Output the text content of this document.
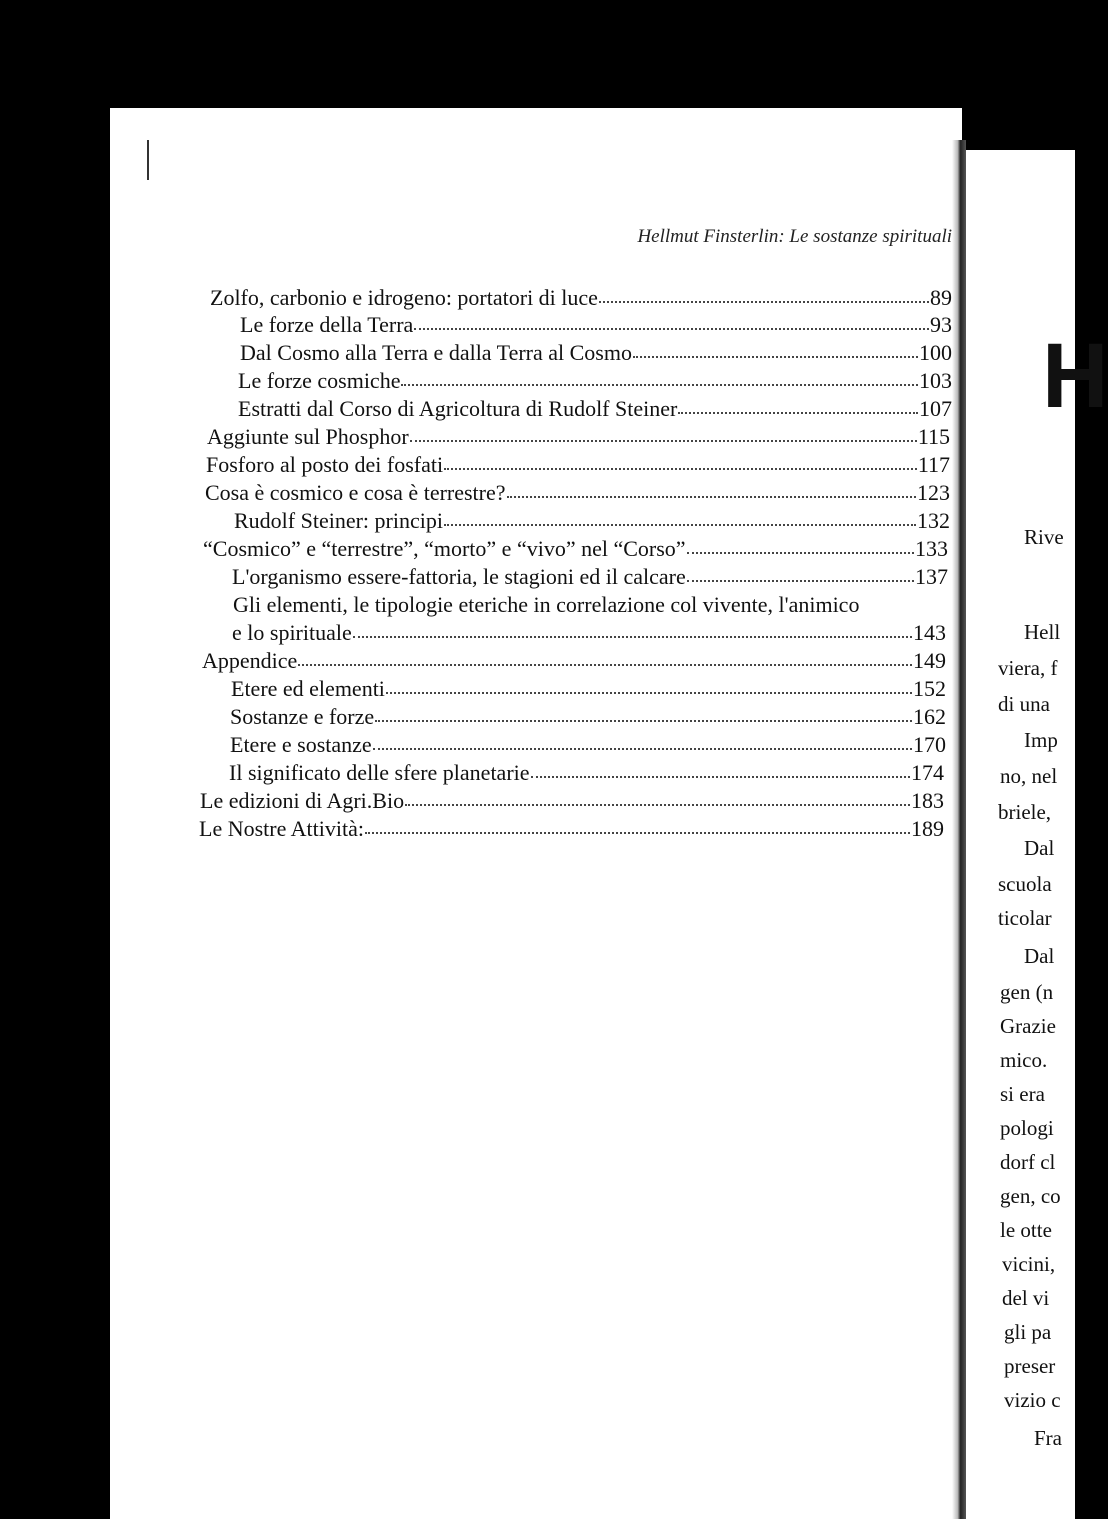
H
Rive
Hell
viera, f
di una
Imp
no, nel
briele,
Dal
scuola
ticolar
Dal
gen (n
Grazie
mico.
si era
pologi
dorf cl
gen, co
le otte
vicini,
del vi
gli pa
preser
vizio c
Fra
Hellmut Finsterlin: Le sostanze spirituali
Zolfo, carbonio e idrogeno: portatori di luce	89
Le forze della Terra	93
Dal Cosmo alla Terra e dalla Terra al Cosmo	100
Le forze cosmiche	103
Estratti dal Corso di Agricoltura di Rudolf Steiner	107
Aggiunte sul Phosphor	115
Fosforo al posto dei fosfati	117
Cosa è cosmico e cosa è terrestre?	123
Rudolf Steiner: principi	132
“Cosmico” e “terrestre”, “morto” e “vivo” nel “Corso”	133
L'organismo essere-fattoria, le stagioni ed il calcare	137
Gli elementi, le tipologie eteriche in correlazione col vivente, l'animico
e lo spirituale	143
Appendice	149
Etere ed elementi	152
Sostanze e forze	162
Etere e sostanze	170
Il significato delle sfere planetarie	174
Le edizioni di Agri.Bio	183
Le Nostre Attività:	189
